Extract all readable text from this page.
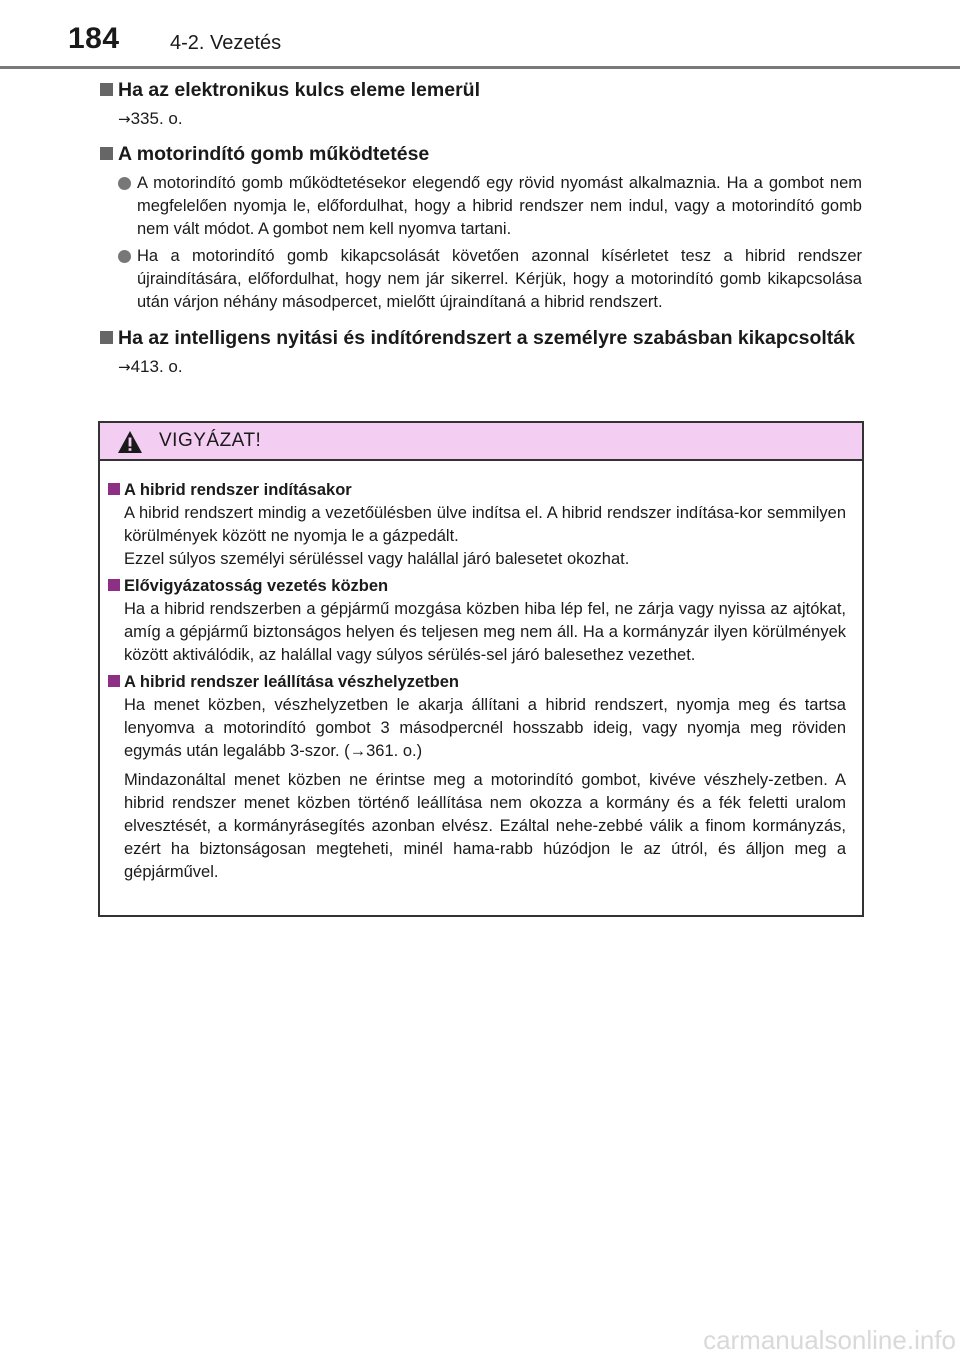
184	4-2. Vezetés
Ha az elektronikus kulcs eleme lemerül
→335. o.
A motorindító gomb működtetése
A motorindító gomb működtetésekor elegendő egy rövid nyomást alkalmaznia. Ha a gombot nem megfelelően nyomja le, előfordulhat, hogy a hibrid rendszer nem indul, vagy a motorindító gomb nem vált módot. A gombot nem kell nyomva tartani.
Ha a motorindító gomb kikapcsolását követően azonnal kísérletet tesz a hibrid rendszer újraindítására, előfordulhat, hogy nem jár sikerrel. Kérjük, hogy a motorindító gomb kikapcsolása után várjon néhány másodpercet, mielőtt újraindítaná a hibrid rendszert.
Ha az intelligens nyitási és indítórendszert a személyre szabásban kikapcsolták
→413. o.
VIGYÁZAT!
A hibrid rendszer indításakor
A hibrid rendszert mindig a vezetőülésben ülve indítsa el. A hibrid rendszer indítása-kor semmilyen körülmények között ne nyomja le a gázpedált.
Ezzel súlyos személyi sérüléssel vagy halállal járó balesetet okozhat.
Elővigyázatosság vezetés közben
Ha a hibrid rendszerben a gépjármű mozgása közben hiba lép fel, ne zárja vagy nyissa az ajtókat, amíg a gépjármű biztonságos helyen és teljesen meg nem áll. Ha a kormányzár ilyen körülmények között aktiválódik, az halállal vagy súlyos sérülés-sel járó balesethez vezethet.
A hibrid rendszer leállítása vészhelyzetben
Ha menet közben, vészhelyzetben le akarja állítani a hibrid rendszert, nyomja meg és tartsa lenyomva a motorindító gombot 3 másodpercnél hosszabb ideig, vagy nyomja meg röviden egymás után legalább 3-szor. (→361. o.)
Mindazonáltal menet közben ne érintse meg a motorindító gombot, kivéve vészhely-zetben. A hibrid rendszer menet közben történő leállítása nem okozza a kormány és a fék feletti uralom elvesztését, a kormányrásegítés azonban elvész. Ezáltal nehe-zebbé válik a finom kormányzás, ezért ha biztonságosan megteheti, minél hama-rabb húzódjon le az útról, és álljon meg a gépjárművel.
carmanualsonline.info
